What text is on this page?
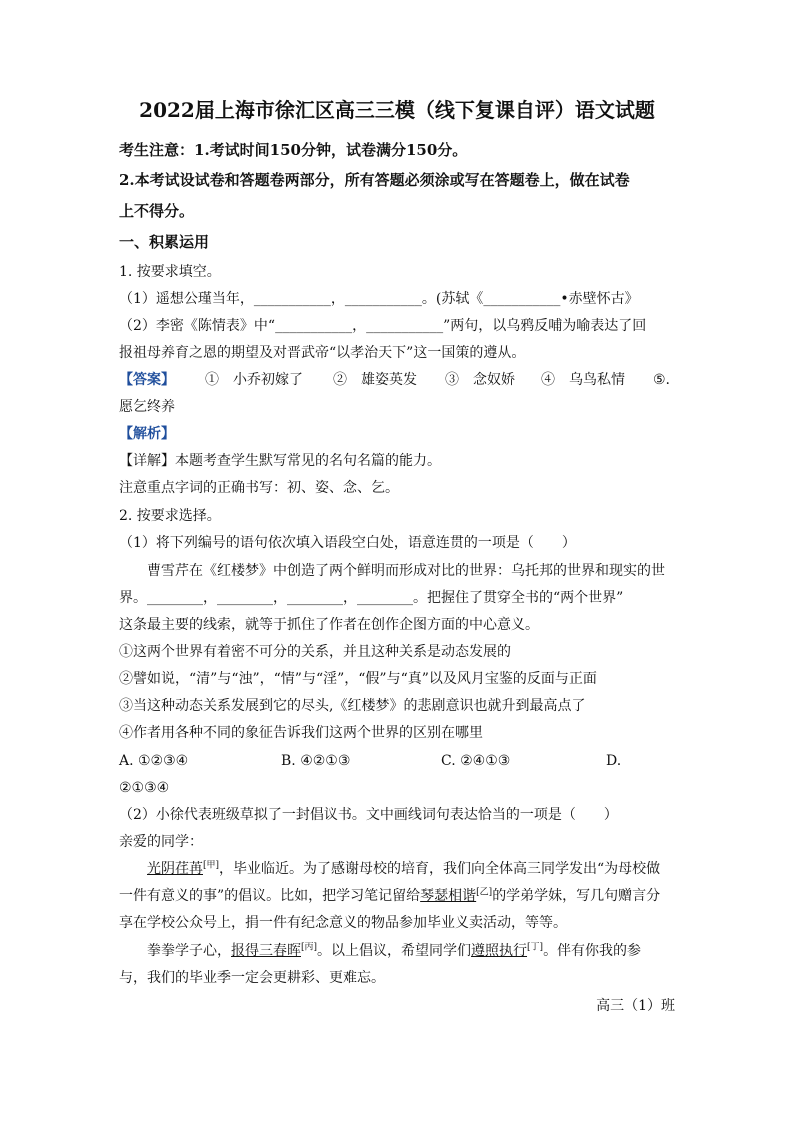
2022届上海市徐汇区高三三模（线下复课自评）语文试题
考生注意：1.考试时间150分钟，试卷满分150分。
2.本考试设试卷和答题卷两部分，所有答题必须涂或写在答题卷上，做在试卷
上不得分。
一、积累运用
1. 按要求填空。
（1）遥想公瑾当年，___________，___________。(苏轼《___________•赤壁怀古》
（2）李密《陈情表》中“___________，___________”两句，以乌鸦反哺为喻表达了回
报祖母养育之恩的期望及对晋武帝“以孝治天下”这一国策的遵从。
【答案】 ①　小乔初嫁了 ②　雄姿英发 ③　念奴娇 ④　乌鸟私情 ⑤.
愿乞终养
【解析】
【详解】本题考查学生默写常见的名句名篇的能力。
注意重点字词的正确书写：初、姿、念、乞。
2. 按要求选择。
（1）将下列编号的语句依次填入语段空白处，语意连贯的一项是（　　）
曹雪芹在《红楼梦》中创造了两个鲜明而形成对比的世界：乌托邦的世界和现实的世
界。________，________，________，________。把握住了贯穿全书的“两个世界”
这条最主要的线索，就等于抓住了作者在创作企图方面的中心意义。
①这两个世界有着密不可分的关系，并且这种关系是动态发展的
②譬如说，“清”与“浊”，“情”与“淫”，“假”与“真”以及风月宝鉴的反面与正面
③当这种动态关系发展到它的尽头,《红楼梦》的悲剧意识也就升到最高点了
④作者用各种不同的象征告诉我们这两个世界的区别在哪里
A. ①②③④	B. ④②①③	C. ②④①③	D.
②①③④
（2）小徐代表班级草拟了一封倡议书。文中画线词句表达恰当的一项是（　　）
亲爱的同学：
光阴荏苒[甲]，毕业临近。为了感谢母校的培育，我们向全体高三同学发出“为母校做
一件有意义的事”的倡议。比如，把学习笔记留给琴瑟相谐[乙]的学弟学妹，写几句赠言分
享在学校公众号上，捐一件有纪念意义的物品参加毕业义卖活动，等等。
拳拳学子心，报得三春晖[丙]。以上倡议，希望同学们遵照执行[丁]。伴有你我的参
与，我们的毕业季一定会更耕彩、更难忘。
高三（1）班
